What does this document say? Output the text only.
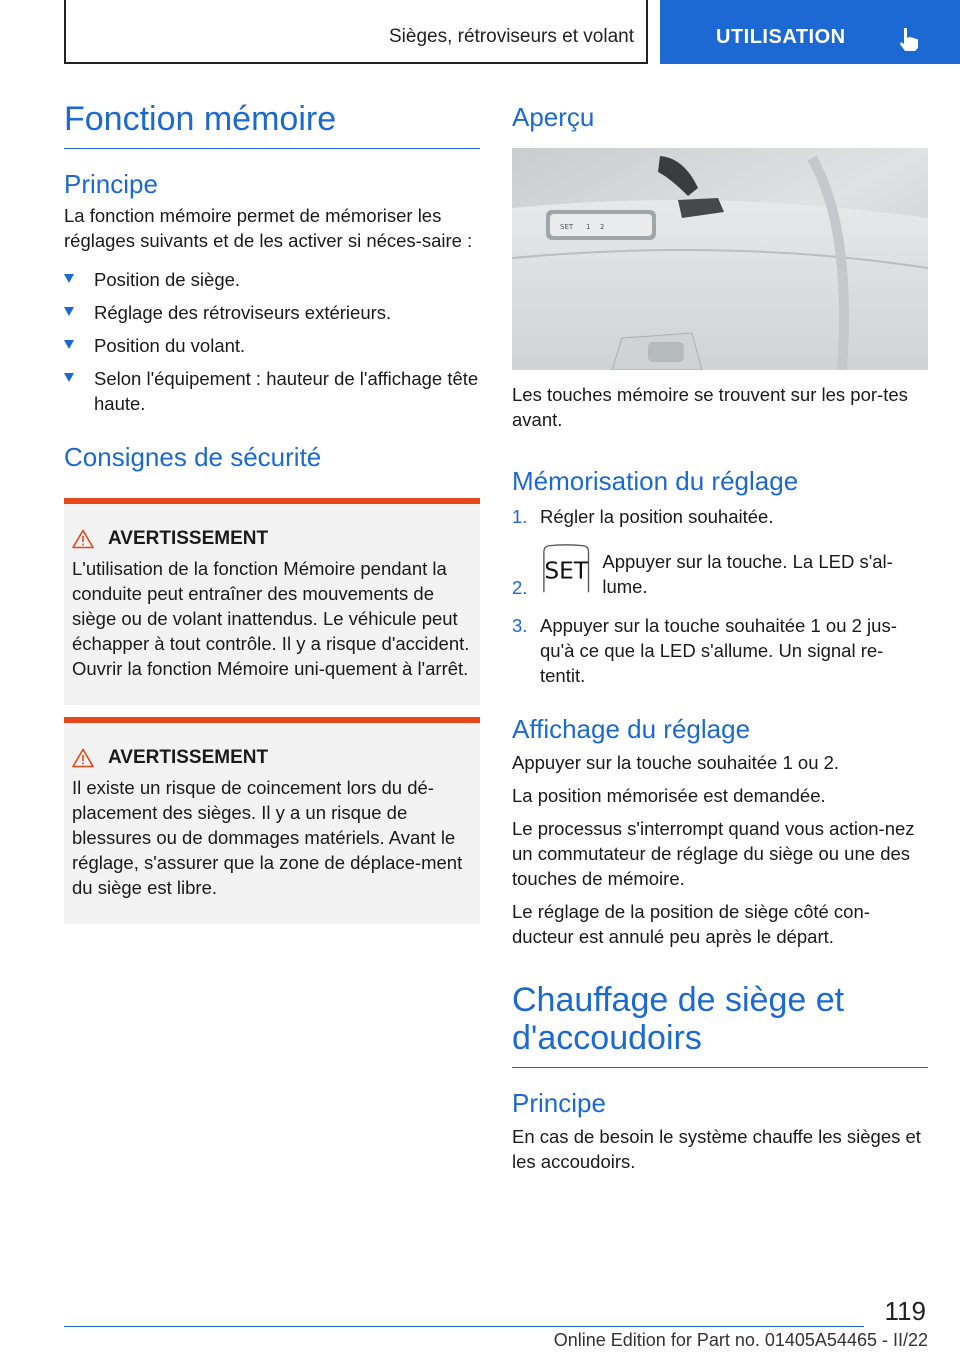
Sièges, rétroviseurs et volant	UTILISATION
Fonction mémoire
Principe

La fonction mémoire permet de mémoriser les réglages suivants et de les activer si néces-saire :

Position de siège.
Réglage des rétroviseurs extérieurs.
Position du volant.
Selon l'équipement : hauteur de l'affichage tête haute.
Consignes de sécurité
AVERTISSEMENT

L'utilisation de la fonction Mémoire pendant la conduite peut entraîner des mouvements de siège ou de volant inattendus. Le véhicule peut échapper à tout contrôle. Il y a risque d'accident. Ouvrir la fonction Mémoire uni-quement à l'arrêt.

AVERTISSEMENT

Il existe un risque de coincement lors du dé-placement des sièges. Il y a un risque de blessures ou de dommages matériels. Avant le réglage, s'assurer que la zone de déplace-ment du siège est libre.

Aperçu
SET 1 2

Les touches mémoire se trouvent sur les por-tes avant.

Mémorisation du réglage
1. Régler la position souhaitée.
2.
SET Appuyer sur la touche. La LED s'al-lume.
3. Appuyer sur la touche souhaitée 1 ou 2 jus-qu'à ce que la LED s'allume. Un signal re-tentit.
Affichage du réglage

Appuyer sur la touche souhaitée 1 ou 2.

La position mémorisée est demandée.

Le processus s'interrompt quand vous action-nez un commutateur de réglage du siège ou une des touches de mémoire.

Le réglage de la position de siège côté con-ducteur est annulé peu après le départ.

Chauffage de siège et
d'accoudoirs
Principe

En cas de besoin le système chauffe les sièges et les accoudoirs.

119
Online Edition for Part no. 01405A54465 - II/22
